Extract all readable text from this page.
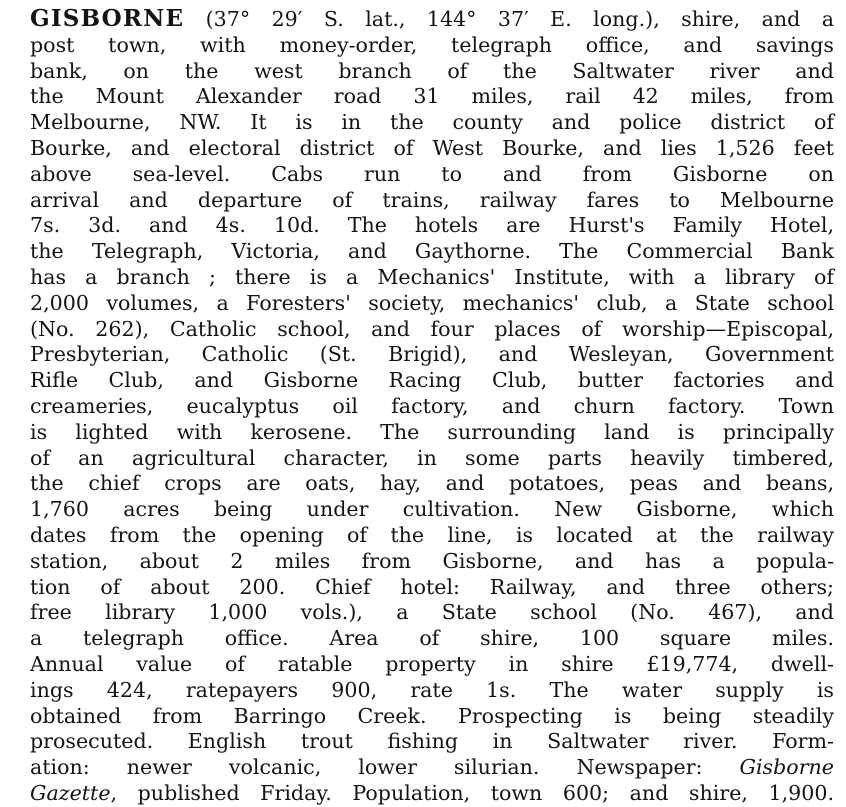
GISBORNE (37° 29′ S. lat., 144° 37′ E. long.), shire, and a
post town, with money-order, telegraph office, and savings
bank, on the west branch of the Saltwater river and
the Mount Alexander road 31 miles, rail 42 miles, from
Melbourne, NW. It is in the county and police district of
Bourke, and electoral district of West Bourke, and lies 1,526 feet
above sea-level. Cabs run to and from Gisborne on
arrival and departure of trains, railway fares to Melbourne
7s. 3d. and 4s. 10d. The hotels are Hurst's Family Hotel,
the Telegraph, Victoria, and Gaythorne. The Commercial Bank
has a branch ; there is a Mechanics' Institute, with a library of
2,000 volumes, a Foresters' society, mechanics' club, a State school
(No. 262), Catholic school, and four places of worship—Episcopal,
Presbyterian, Catholic (St. Brigid), and Wesleyan, Government
Rifle Club, and Gisborne Racing Club, butter factories and
creameries, eucalyptus oil factory, and churn factory. Town
is lighted with kerosene. The surrounding land is principally
of an agricultural character, in some parts heavily timbered,
the chief crops are oats, hay, and potatoes, peas and beans,
1,760 acres being under cultivation. New Gisborne, which
dates from the opening of the line, is located at the railway
station, about 2 miles from Gisborne, and has a popula-
tion of about 200. Chief hotel: Railway, and three others;
free library 1,000 vols.), a State school (No. 467), and
a telegraph office. Area of shire, 100 square miles.
Annual value of ratable property in shire £19,774, dwell-
ings 424, ratepayers 900, rate 1s. The water supply is
obtained from Barringo Creek. Prospecting is being steadily
prosecuted. English trout fishing in Saltwater river. Form-
ation: newer volcanic, lower silurian. Newspaper: Gisborne
Gazette, published Friday. Population, town 600; and shire, 1,900.
